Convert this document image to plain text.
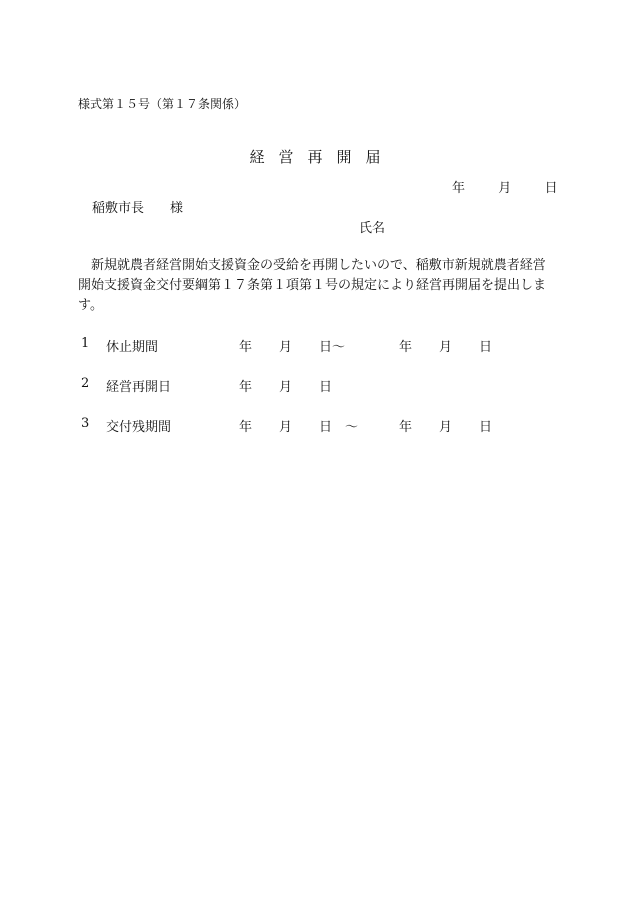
様式第１５号（第１７条関係）
経営再開届
年	月	日
稲敷市長　　様
氏名
新規就農者経営開始支援資金の受給を再開したいので、稲敷市新規就農者経営開始支援資金交付要綱第１７条第１項第１号の規定により経営再開届を提出します。
1 休止期間	年 月 日～	年 月 日
2 経営再開日	年 月 日
3 交付残期間	年 月 日　～	年 月 日
